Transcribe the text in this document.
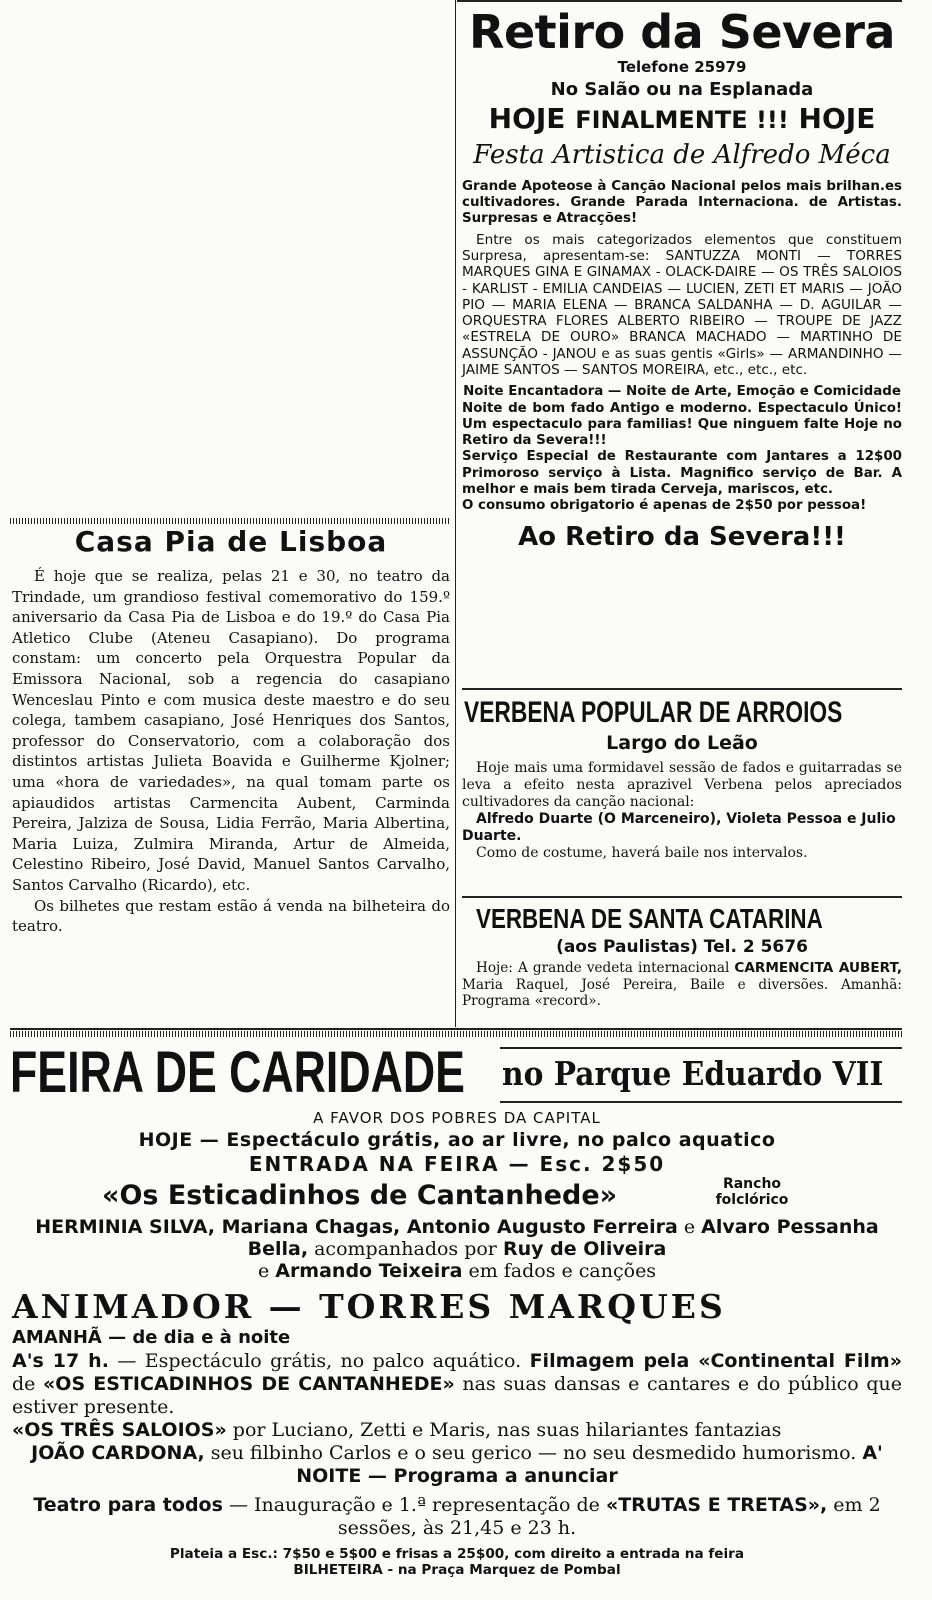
Retiro da Severa
Telefone 25979
No Salão ou na Esplanada
HOJE FINALMENTE !!! HOJE
Festa Artistica de Alfredo Méca

Grande Apoteose à Canção Nacional pelos mais brilhan.es cultivadores. Grande Parada Internaciona. de Artistas. Surpresas e Atracções!

Entre os mais categorizados elementos que constituem Surpresa, apresentam-se: SANTUZZA MONTI — TORRES MARQUES GINA E GINAMAX - OLACK-DAIRE — OS TRÊS SALOIOS - KARLIST - EMILIA CANDEIAS — LUCIEN, ZETI ET MARIS — JOÃO PIO — MARIA ELENA — BRANCA SALDANHA — D. AGUILAR — ORQUESTRA FLORES ALBERTO RIBEIRO — TROUPE DE JAZZ «ESTRELA DE OURO» BRANCA MACHADO — MARTINHO DE ASSUNÇÃO - JANOU e as suas gentis «Girls» — ARMANDINHO — JAIME SANTOS — SANTOS MOREIRA, etc., etc., etc.

Noite Encantadora — Noite de Arte, Emoção e Comicidade

Noite de bom fado Antigo e moderno. Espectaculo Único! Um espectaculo para familias! Que ninguem falte Hoje no Retiro da Severa!!!

Serviço Especial de Restaurante com Jantares a 12$00 Primoroso serviço à Lista. Magnifico serviço de Bar. A melhor e mais bem tirada Cerveja, mariscos, etc.

O consumo obrigatorio é apenas de 2$50 por pessoa!

Ao Retiro da Severa!!!
VERBENA POPULAR DE ARROIOS
Largo do Leão

Hoje mais uma formidavel sessão de fados e guitarradas se leva a efeito nesta aprazivel Verbena pelos apreciados cultivadores da canção nacional:

Alfredo Duarte (O Marceneiro), Violeta Pessoa e Julio Duarte.

Como de costume, haverá baile nos intervalos.

VERBENA DE SANTA CATARINA
(aos Paulistas) Tel. 2 5676

Hoje: A grande vedeta internacional CARMENCITA AUBERT, Maria Raquel, José Pereira, Baile e diversões. Amanhã: Programa «record».

Casa Pia de Lisboa

É hoje que se realiza, pelas 21 e 30, no teatro da Trindade, um grandioso festival comemorativo do 159.º aniversario da Casa Pia de Lisboa e do 19.º do Casa Pia Atletico Clube (Ateneu Casapiano). Do programa constam: um concerto pela Orquestra Popular da Emissora Nacional, sob a regencia do casapiano Wenceslau Pinto e com musica deste maestro e do seu colega, tambem casapiano, José Henriques dos Santos, professor do Conservatorio, com a colaboração dos distintos artistas Julieta Boavida e Guilherme Kjolner; uma «hora de variedades», na qual tomam parte os apiaudidos artistas Carmencita Aubent, Carminda Pereira, Jalziza de Sousa, Lidia Ferrão, Maria Albertina, Maria Luiza, Zulmira Miranda, Artur de Almeida, Celestino Ribeiro, José David, Manuel Santos Carvalho, Santos Carvalho (Ricardo), etc.

Os bilhetes que restam estão á venda na bilheteira do teatro.

FEIRA DE CARIDADE	no Parque Eduardo VII
A FAVOR DOS POBRES DA CAPITAL
HOJE — Espectáculo grátis, ao ar livre, no palco aquatico
ENTRADA NA FEIRA — Esc. 2$50
«Os Esticadinhos de Cantanhede»	Rancho folclórico

HERMINIA SILVA, Mariana Chagas, Antonio Augusto Ferreira e Alvaro Pessanha Bella, acompanhados por Ruy de Oliveira
e Armando Teixeira em fados e canções

ANIMADOR — TORRES MARQUES
AMANHÃ — de dia e à noite

A's 17 h. — Espectáculo grátis, no palco aquático. Filmagem pela «Continental Film» de «OS ESTICADINHOS DE CANTANHEDE» nas suas dansas e cantares e do público que estiver presente.

«OS TRÊS SALOIOS» por Luciano, Zetti e Maris, nas suas hilariantes fantazias

JOÃO CARDONA, seu filbinho Carlos e o seu gerico — no seu desmedido humorismo. A' NOITE — Programa a anunciar

Teatro para todos — Inauguração e 1.ª representação de «TRUTAS E TRETAS», em 2 sessões, às 21,45 e 23 h.

Plateia a Esc.: 7$50 e 5$00 e frisas a 25$00, com direito a entrada na feira
BILHETEIRA - na Praça Marquez de Pombal
